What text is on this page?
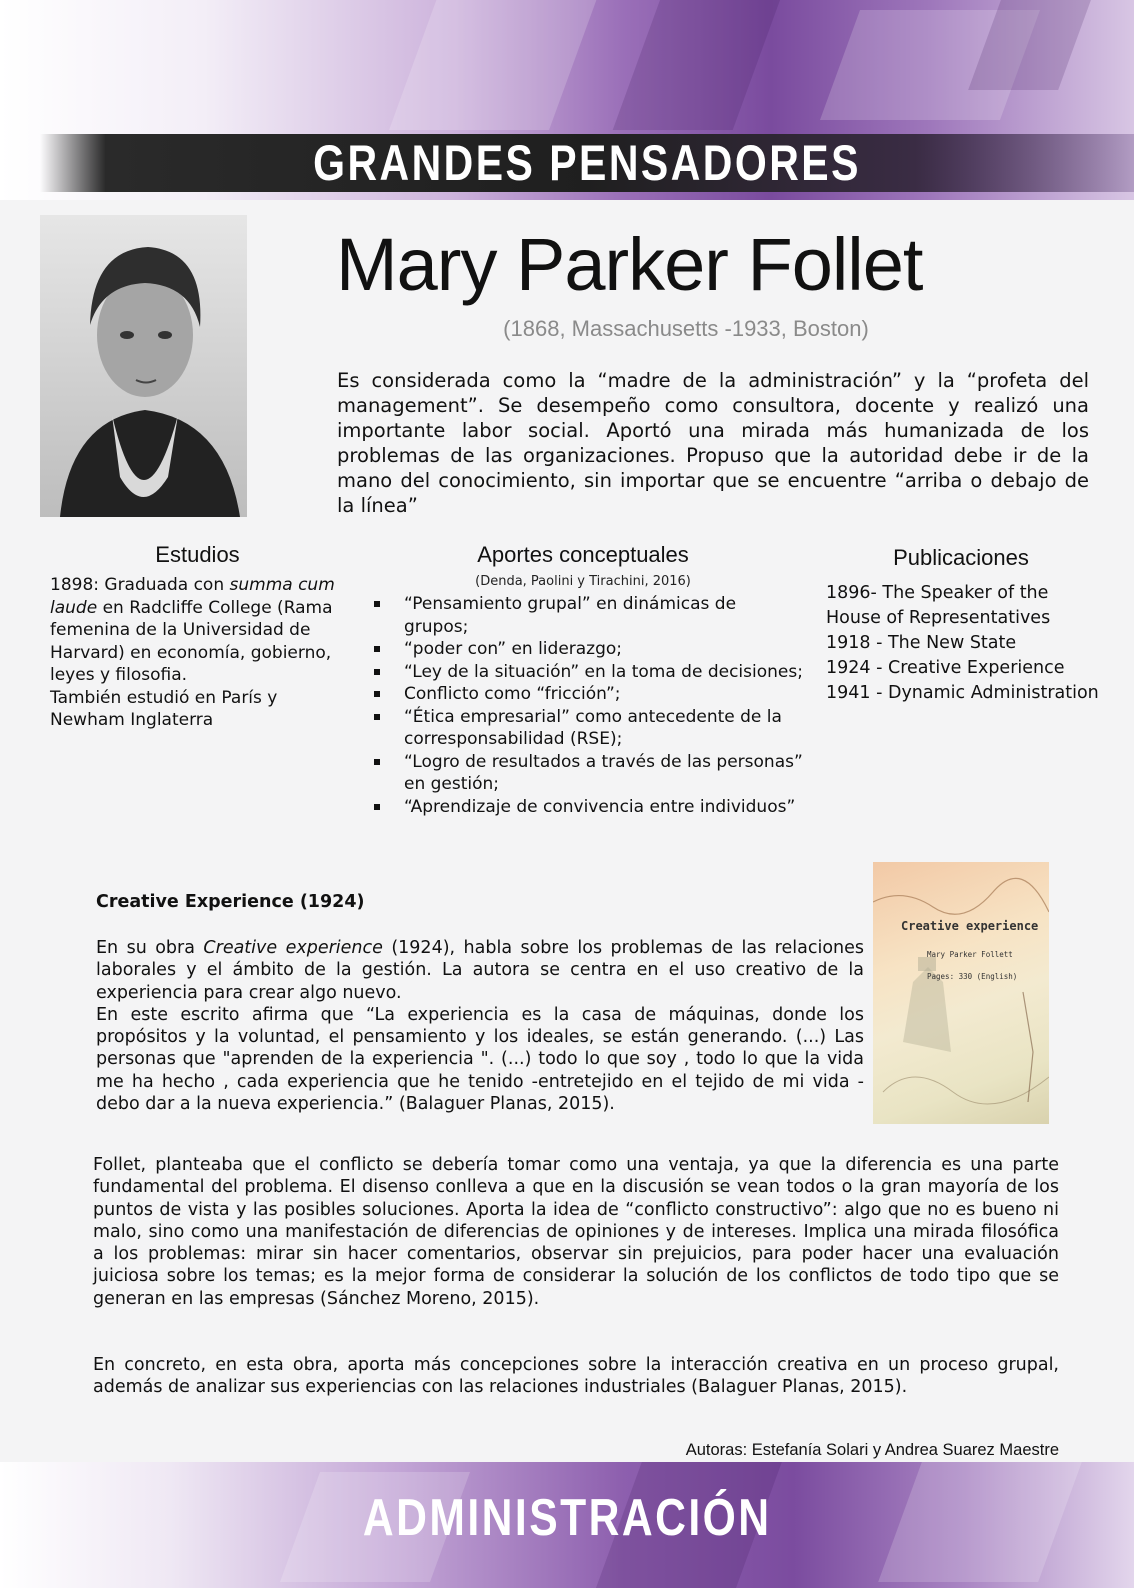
GRANDES PENSADORES
Mary Parker Follet
(1868, Massachusetts -1933, Boston)

Es considerada como la “madre de la administración” y la “profeta del management”. Se desempeño como consultora, docente y realizó una importante labor social. Aportó una mirada más humanizada de los problemas de las organizaciones. Propuso que la autoridad debe ir de la mano del conocimiento, sin importar que se encuentre “arriba o debajo de la línea”

Estudios

1898: Graduada con summa cum laude en Radcliffe College (Rama femenina de la Universidad de Harvard) en economía, gobierno, leyes y filosofia.
También estudió en París y Newham Inglaterra

Aportes conceptuales
(Denda, Paolini y Tirachini, 2016)
“Pensamiento grupal” en dinámicas de grupos;
“poder con” en liderazgo;
“Ley de la situación” en la toma de decisiones;
Conflicto como “fricción”;
“Ética empresarial” como antecedente de la corresponsabilidad (RSE);
“Logro de resultados a través de las personas” en gestión;
“Aprendizaje de convivencia entre individuos”
Publicaciones
1896- The Speaker of the House of Representatives
1918 - The New State
1924 - Creative Experience
1941 - Dynamic Administration
Creative experience
Mary Parker Follett
Pages: 330 (English)
Creative Experience (1924)

En su obra Creative experience (1924), habla sobre los problemas de las relaciones laborales y el ámbito de la gestión. La autora se centra en el uso creativo de la experiencia para crear algo nuevo.
En este escrito afirma que “La experiencia es la casa de máquinas, donde los propósitos y la voluntad, el pensamiento y los ideales, se están generando. (...) Las personas que "aprenden de la experiencia ". (...) todo lo que soy , todo lo que la vida me ha hecho , cada experiencia que he tenido -entretejido en el tejido de mi vida -debo dar a la nueva experiencia.” (Balaguer Planas, 2015).

Follet, planteaba que el conflicto se debería tomar como una ventaja, ya que la diferencia es una parte fundamental del problema. El disenso conlleva a que en la discusión se vean todos o la gran mayoría de los puntos de vista y las posibles soluciones. Aporta la idea de “conflicto constructivo”: algo que no es bueno ni malo, sino como una manifestación de diferencias de opiniones y de intereses. Implica una mirada filosófica a los problemas: mirar sin hacer comentarios, observar sin prejuicios, para poder hacer una evaluación juiciosa sobre los temas; es la mejor forma de considerar la solución de los conflictos de todo tipo que se generan en las empresas (Sánchez Moreno, 2015).

En concreto, en esta obra, aporta más concepciones sobre la interacción creativa en un proceso grupal, además de analizar sus experiencias con las relaciones industriales (Balaguer Planas, 2015).

Autoras: Estefanía Solari y Andrea Suarez Maestre
ADMINISTRACIÓN
